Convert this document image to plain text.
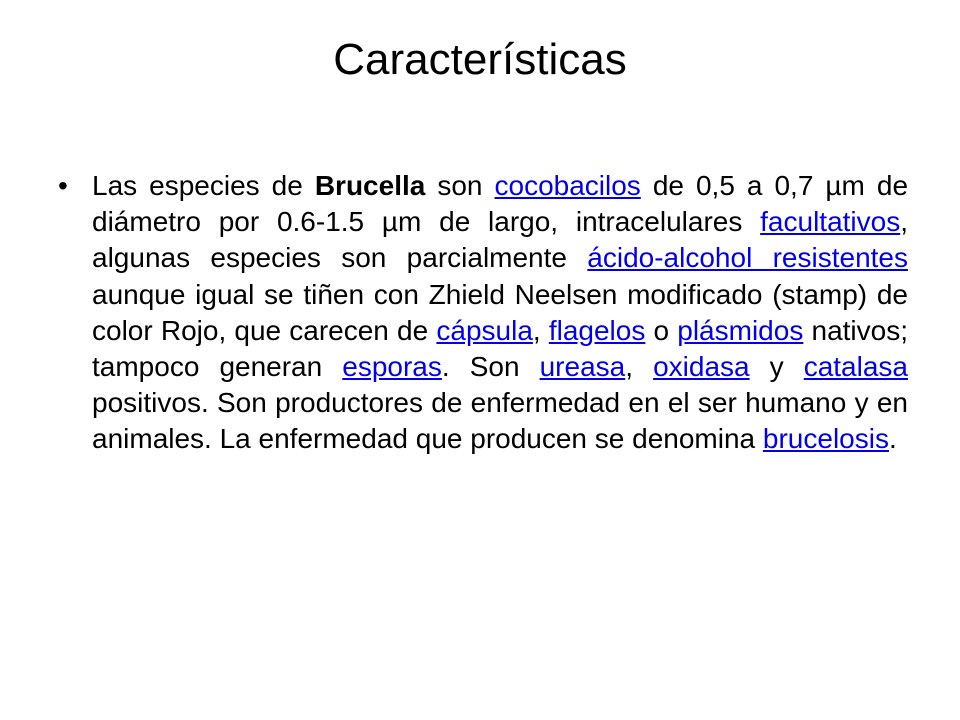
Características
• Las especies de Brucella son cocobacilos de 0,5 a 0,7 µm de diámetro por 0.6-1.5 µm de largo, intracelulares facultativos, algunas especies son parcialmente ácido-alcohol resistentes aunque igual se tiñen con Zhield Neelsen modificado (stamp) de color Rojo, que carecen de cápsula, flagelos o plásmidos nativos; tampoco generan esporas. Son ureasa, oxidasa y catalasa positivos. Son productores de enfermedad en el ser humano y en animales. La enfermedad que producen se denomina brucelosis.
